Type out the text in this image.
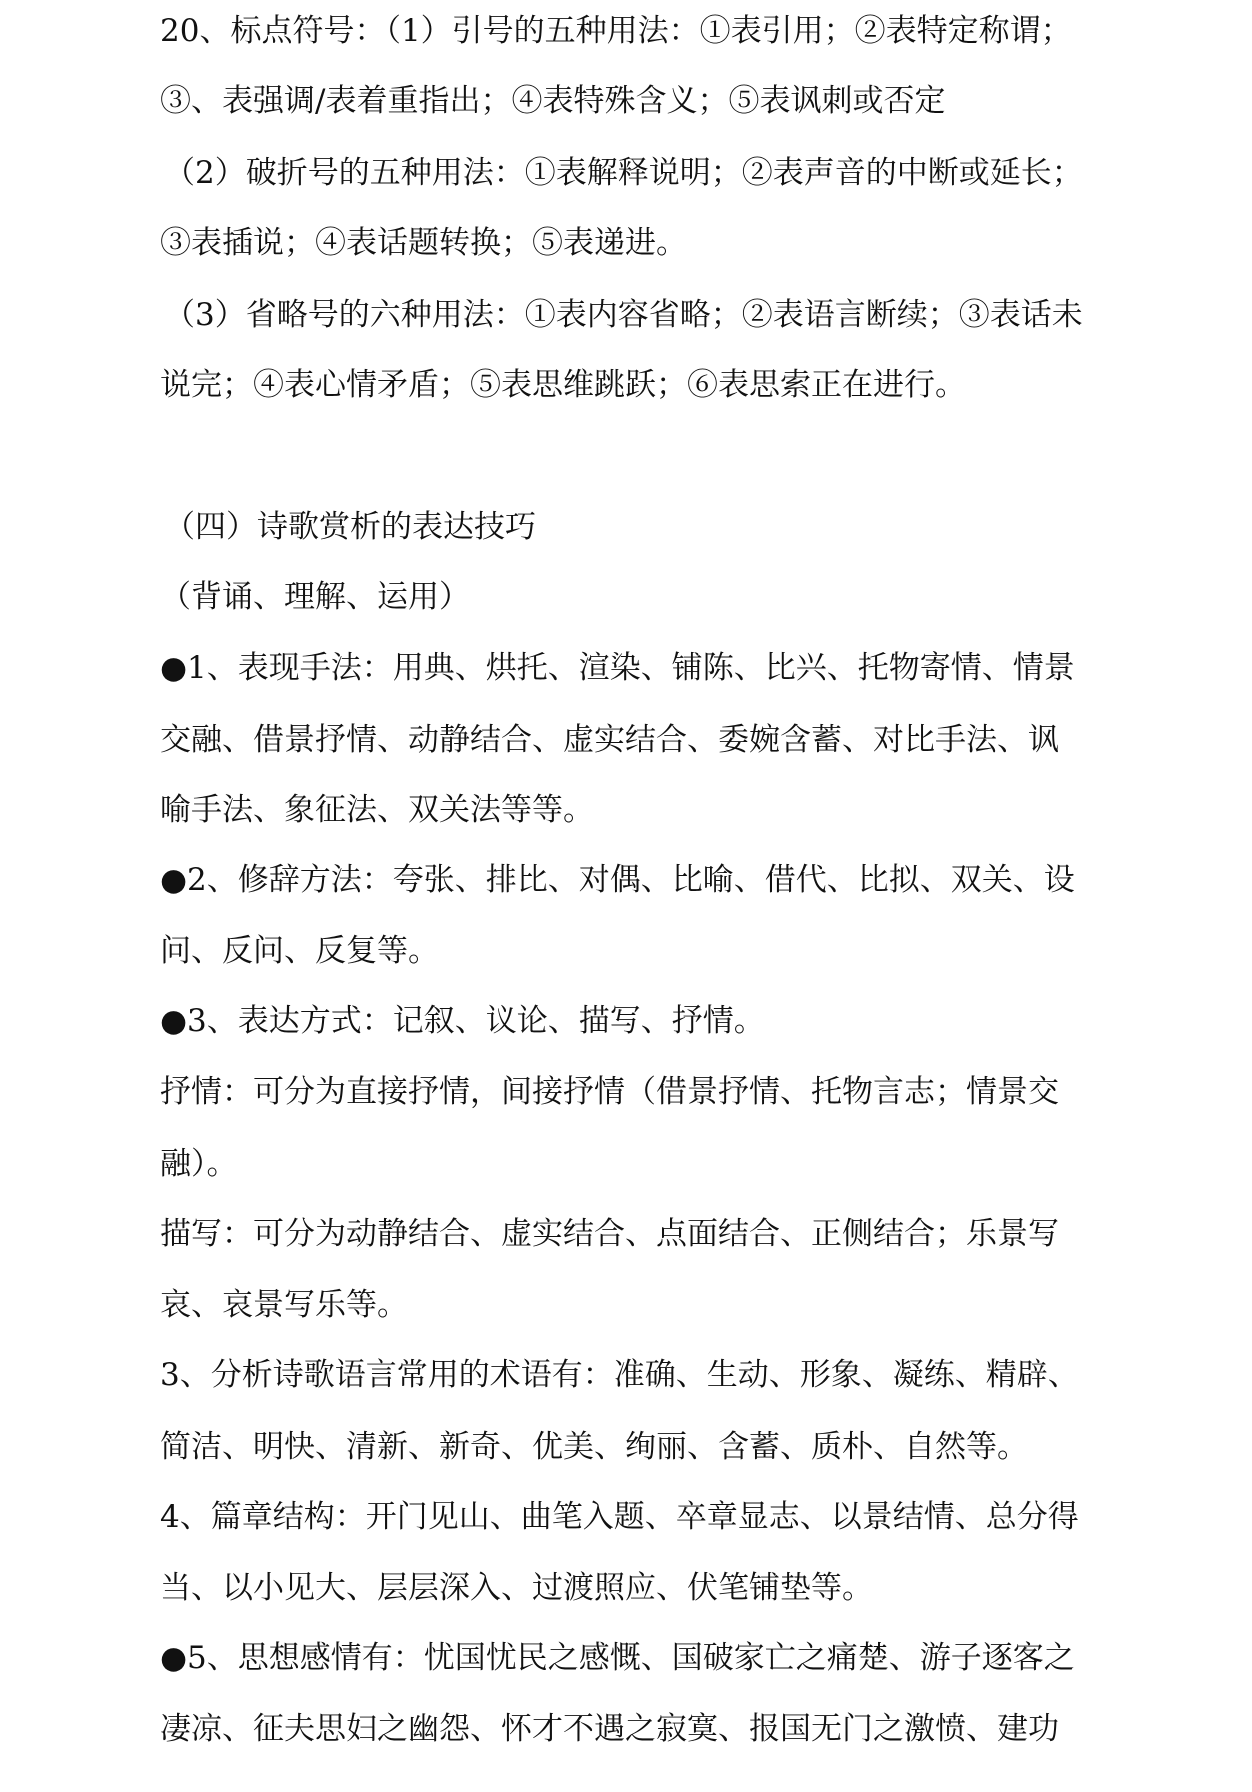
20、标点符号：（1）引号的五种用法：①表引用；②表特定称谓；
③、表强调/表着重指出；④表特殊含义；⑤表讽刺或否定
（2）破折号的五种用法：①表解释说明；②表声音的中断或延长；
③表插说；④表话题转换；⑤表递进。
（3）省略号的六种用法：①表内容省略；②表语言断续；③表话未
说完；④表心情矛盾；⑤表思维跳跃；⑥表思索正在进行。
（四）诗歌赏析的表达技巧
（背诵、理解、运用）
●1、表现手法：用典、烘托、渲染、铺陈、比兴、托物寄情、情景
交融、借景抒情、动静结合、虚实结合、委婉含蓄、对比手法、讽
喻手法、象征法、双关法等等。
●2、修辞方法：夸张、排比、对偶、比喻、借代、比拟、双关、设
问、反问、反复等。
●3、表达方式：记叙、议论、描写、抒情。
抒情：可分为直接抒情，间接抒情（借景抒情、托物言志；情景交
融）。
描写：可分为动静结合、虚实结合、点面结合、正侧结合；乐景写
哀、哀景写乐等。
3、分析诗歌语言常用的术语有：准确、生动、形象、凝练、精辟、
简洁、明快、清新、新奇、优美、绚丽、含蓄、质朴、自然等。
4、篇章结构：开门见山、曲笔入题、卒章显志、以景结情、总分得
当、以小见大、层层深入、过渡照应、伏笔铺垫等。
●5、思想感情有：忧国忧民之感慨、国破家亡之痛楚、游子逐客之
凄凉、征夫思妇之幽怨、怀才不遇之寂寞、报国无门之激愤、建功
